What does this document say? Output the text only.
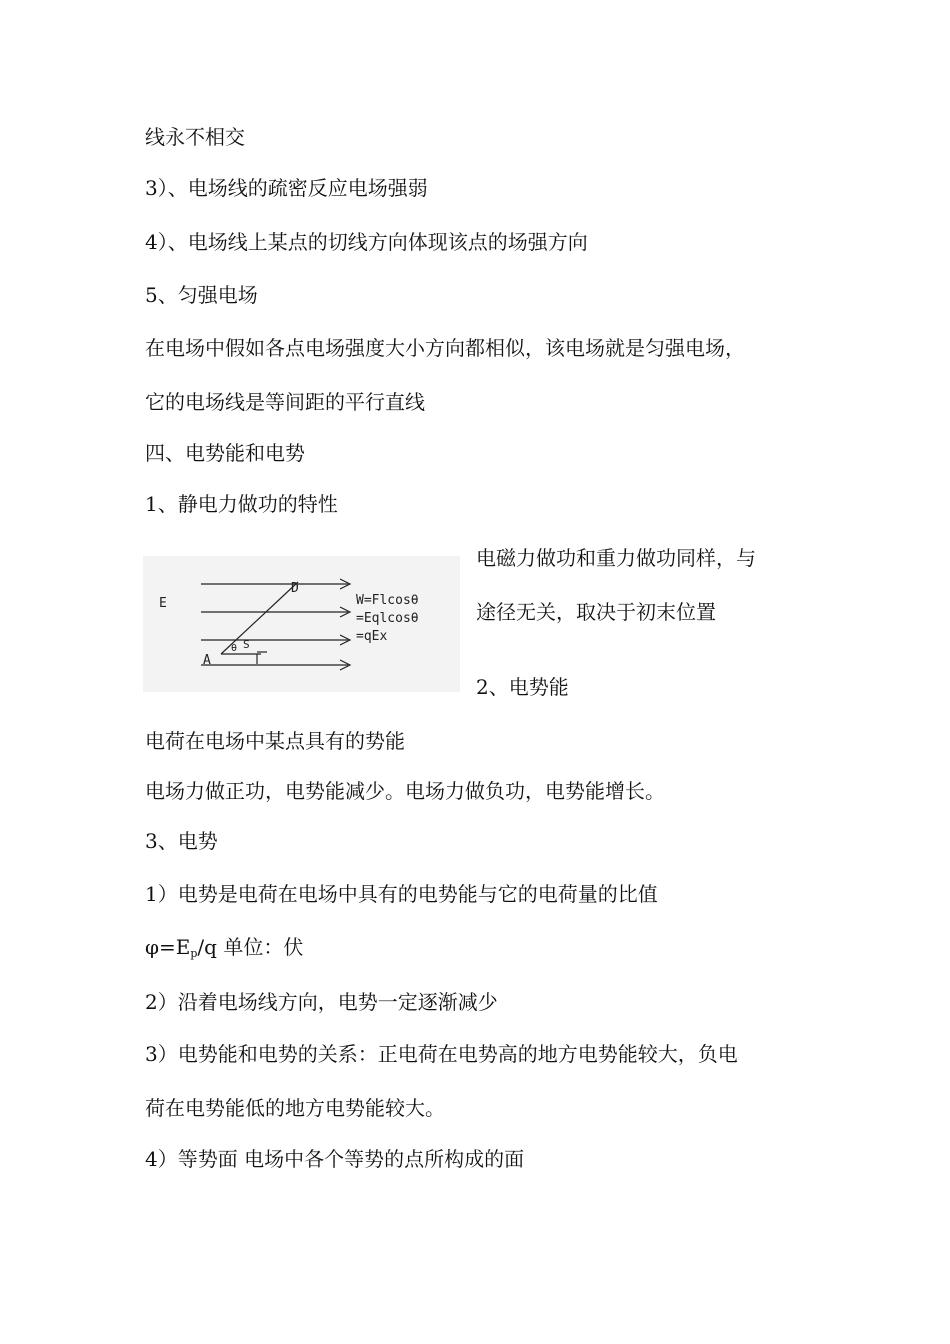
线永不相交
3）、电场线的疏密反应电场强弱
4）、电场线上某点的切线方向体现该点的场强方向
5、匀强电场
在电场中假如各点电场强度大小方向都相似，该电场就是匀强电场，
它的电场线是等间距的平行直线
四、电势能和电势
1、静电力做功的特性
E
D
A
θ S
W=Flcosθ
=Eqlcosθ
=qEx
电磁力做功和重力做功同样，与
途径无关，取决于初末位置
2、电势能
电荷在电场中某点具有的势能
电场力做正功，电势能减少。电场力做负功，电势能增长。
3、电势
1）电势是电荷在电场中具有的电势能与它的电荷量的比值
$\varphi=E_p/q$ 单位：伏
2）沿着电场线方向，电势一定逐渐减少
3）电势能和电势的关系：正电荷在电势高的地方电势能较大，负电
荷在电势能低的地方电势能较大。
4）等势面 电场中各个等势的点所构成的面
